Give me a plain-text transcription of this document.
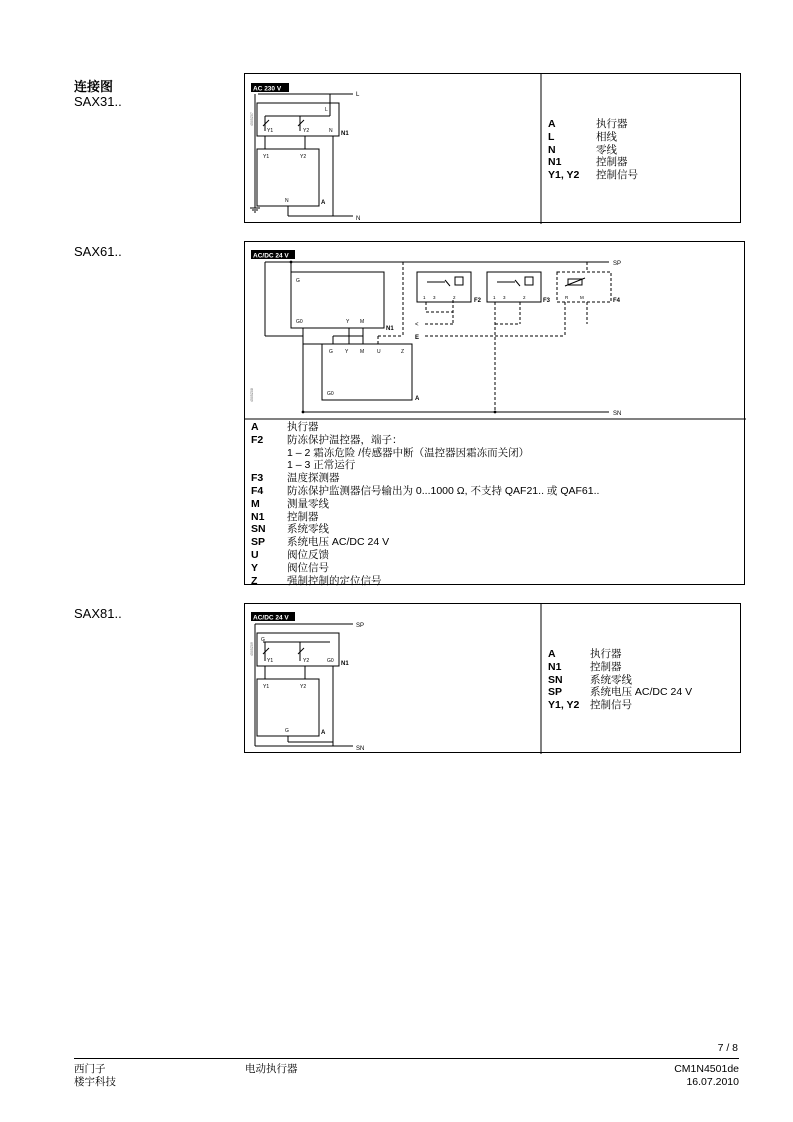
连接图
SAX31..
AC 230 V
4505Z07
L
N1
L
Y1	Y2	N
Y1	Y2
N	A
N
A	执行器
L	相线
N	零线
N1	控制器
Y1, Y2	控制信号
SAX61..	AC/DC 24 V
4505Z08
SP
G
G0	Y M
N1
<
E
G Y M	U	Z
G0
A
1 3	2
F2
1 3	2
F3
R	M
F4
SN
A	执行器
F2	防冻保护温控器，端子：
1 – 2 霜冻危险 /传感器中断（温控器因霜冻而关闭）
1 – 3 正常运行
F3	温度探测器
F4	防冻保护监测器信号输出为 0...1000 Ω, 不支持 QAF21.. 或 QAF61..
M	测量零线
N1	控制器
SN	系统零线
SP	系统电压 AC/DC 24 V
U	阀位反馈
Y	阀位信号
Z	强制控制的定位信号
SAX81..	AC/DC 24 V
4505Z09
SP
G
N1
Y1	Y2	G0
Y1	Y2
G	A
SN
A	执行器
N1	控制器
SN	系统零线
SP	系统电压 AC/DC 24 V
Y1, Y2	控制信号
7 / 8
西门子
楼宇科技
电动执行器	CM1N4501de
16.07.2010
